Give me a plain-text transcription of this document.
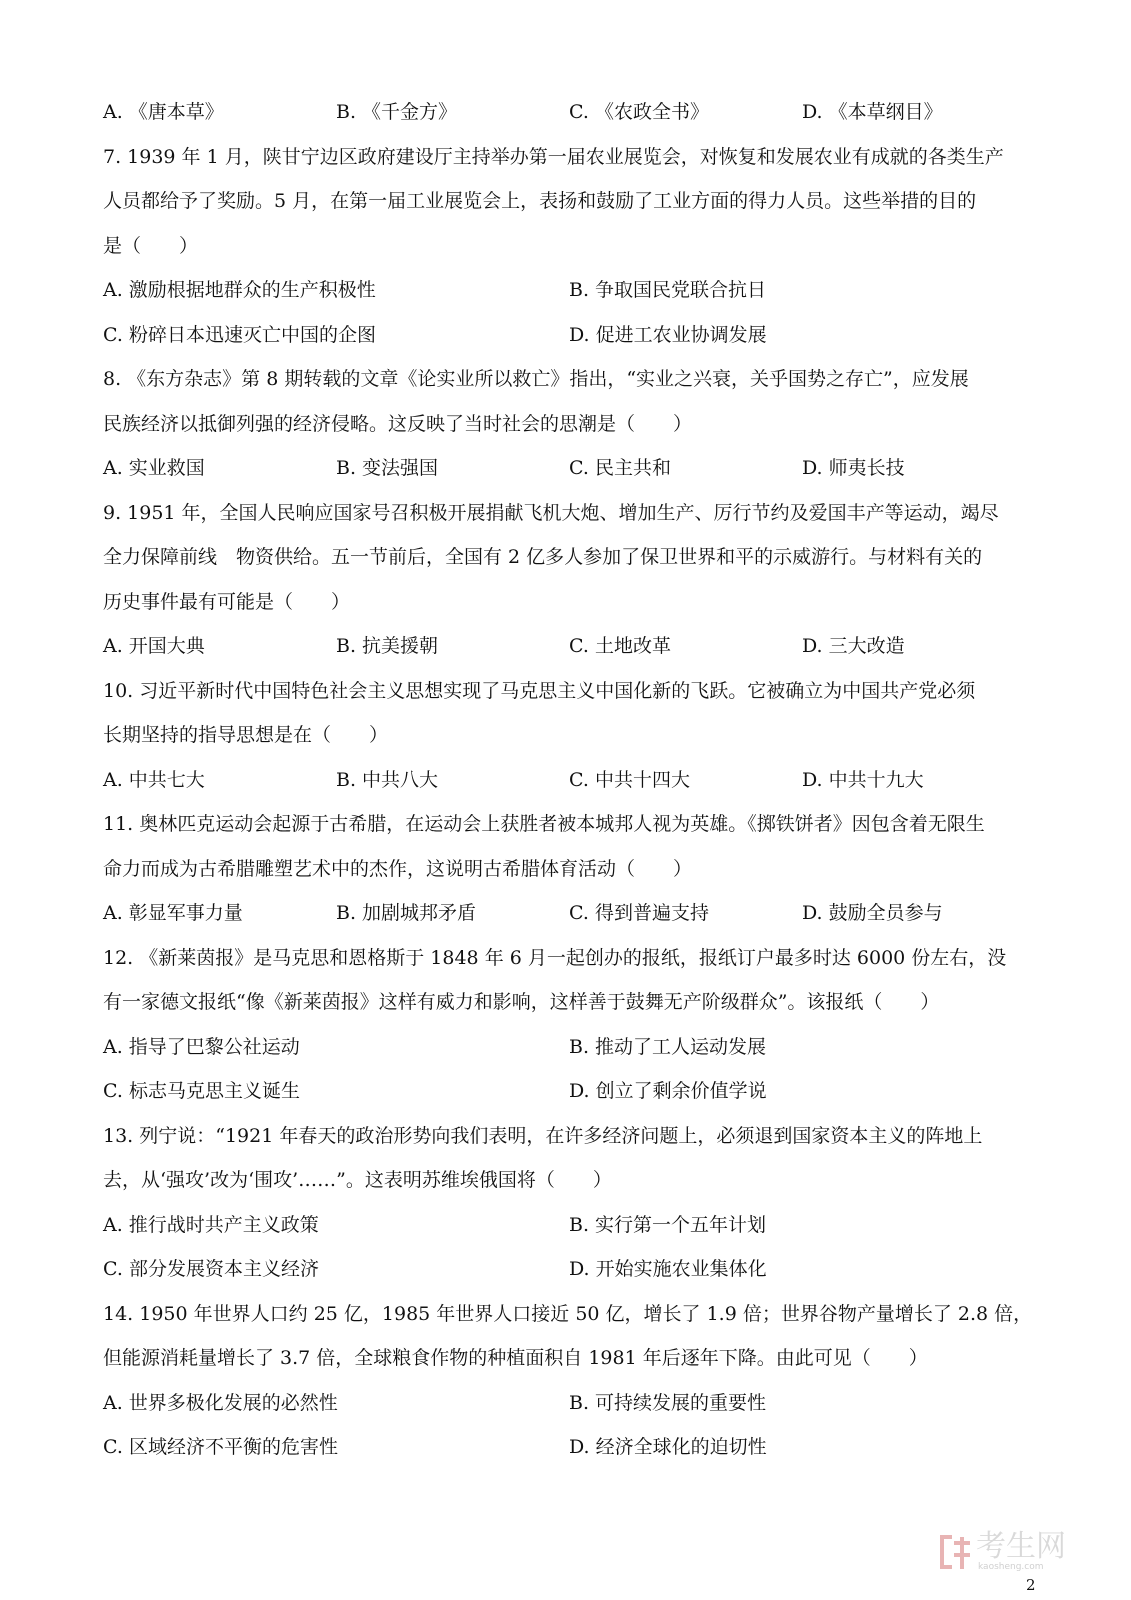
A. 《唐本草》	B. 《千金方》	C. 《农政全书》	D. 《本草纲目》
7. 1939 年 1 月，陕甘宁边区政府建设厅主持举办第一届农业展览会，对恢复和发展农业有成就的各类生产
人员都给予了奖励。5 月，在第一届工业展览会上，表扬和鼓励了工业方面的得力人员。这些举措的目的
是（　　）
A. 激励根据地群众的生产积极性	B. 争取国民党联合抗日
C. 粉碎日本迅速灭亡中国的企图	D. 促进工农业协调发展
8. 《东方杂志》第 8 期转载的文章《论实业所以救亡》指出，“实业之兴衰，关乎国势之存亡”，应发展
民族经济以抵御列强的经济侵略。这反映了当时社会的思潮是（　　）
A. 实业救国	B. 变法强国	C. 民主共和	D. 师夷长技
9. 1951 年，全国人民响应国家号召积极开展捐献飞机大炮、增加生产、厉行节约及爱国丰产等运动，竭尽
全力保障前线　物资供给。五一节前后，全国有 2 亿多人参加了保卫世界和平的示威游行。与材料有关的
历史事件最有可能是（　　）
A. 开国大典	B. 抗美援朝	C. 土地改革	D. 三大改造
10. 习近平新时代中国特色社会主义思想实现了马克思主义中国化新的飞跃。它被确立为中国共产党必须
长期坚持的指导思想是在（　　）
A. 中共七大	B. 中共八大	C. 中共十四大	D. 中共十九大
11. 奥林匹克运动会起源于古希腊，在运动会上获胜者被本城邦人视为英雄。《掷铁饼者》因包含着无限生
命力而成为古希腊雕塑艺术中的杰作，这说明古希腊体育活动（　　）
A. 彰显军事力量	B. 加剧城邦矛盾	C. 得到普遍支持	D. 鼓励全员参与
12. 《新莱茵报》是马克思和恩格斯于 1848 年 6 月一起创办的报纸，报纸订户最多时达 6000 份左右，没
有一家德文报纸“像《新莱茵报》这样有威力和影响，这样善于鼓舞无产阶级群众”。该报纸（　　）
A. 指导了巴黎公社运动	B. 推动了工人运动发展
C. 标志马克思主义诞生	D. 创立了剩余价值学说
13. 列宁说：“1921 年春天的政治形势向我们表明，在许多经济问题上，必须退到国家资本主义的阵地上
去，从‘强攻’改为‘围攻’……”。这表明苏维埃俄国将（　　）
A. 推行战时共产主义政策	B. 实行第一个五年计划
C. 部分发展资本主义经济	D. 开始实施农业集体化
14. 1950 年世界人口约 25 亿，1985 年世界人口接近 50 亿，增长了 1.9 倍；世界谷物产量增长了 2.8 倍，
但能源消耗量增长了 3.7 倍，全球粮食作物的种植面积自 1981 年后逐年下降。由此可见（　　）
A. 世界多极化发展的必然性	B. 可持续发展的重要性
C. 区域经济不平衡的危害性	D. 经济全球化的迫切性
考生网
kaosheng.com
2
